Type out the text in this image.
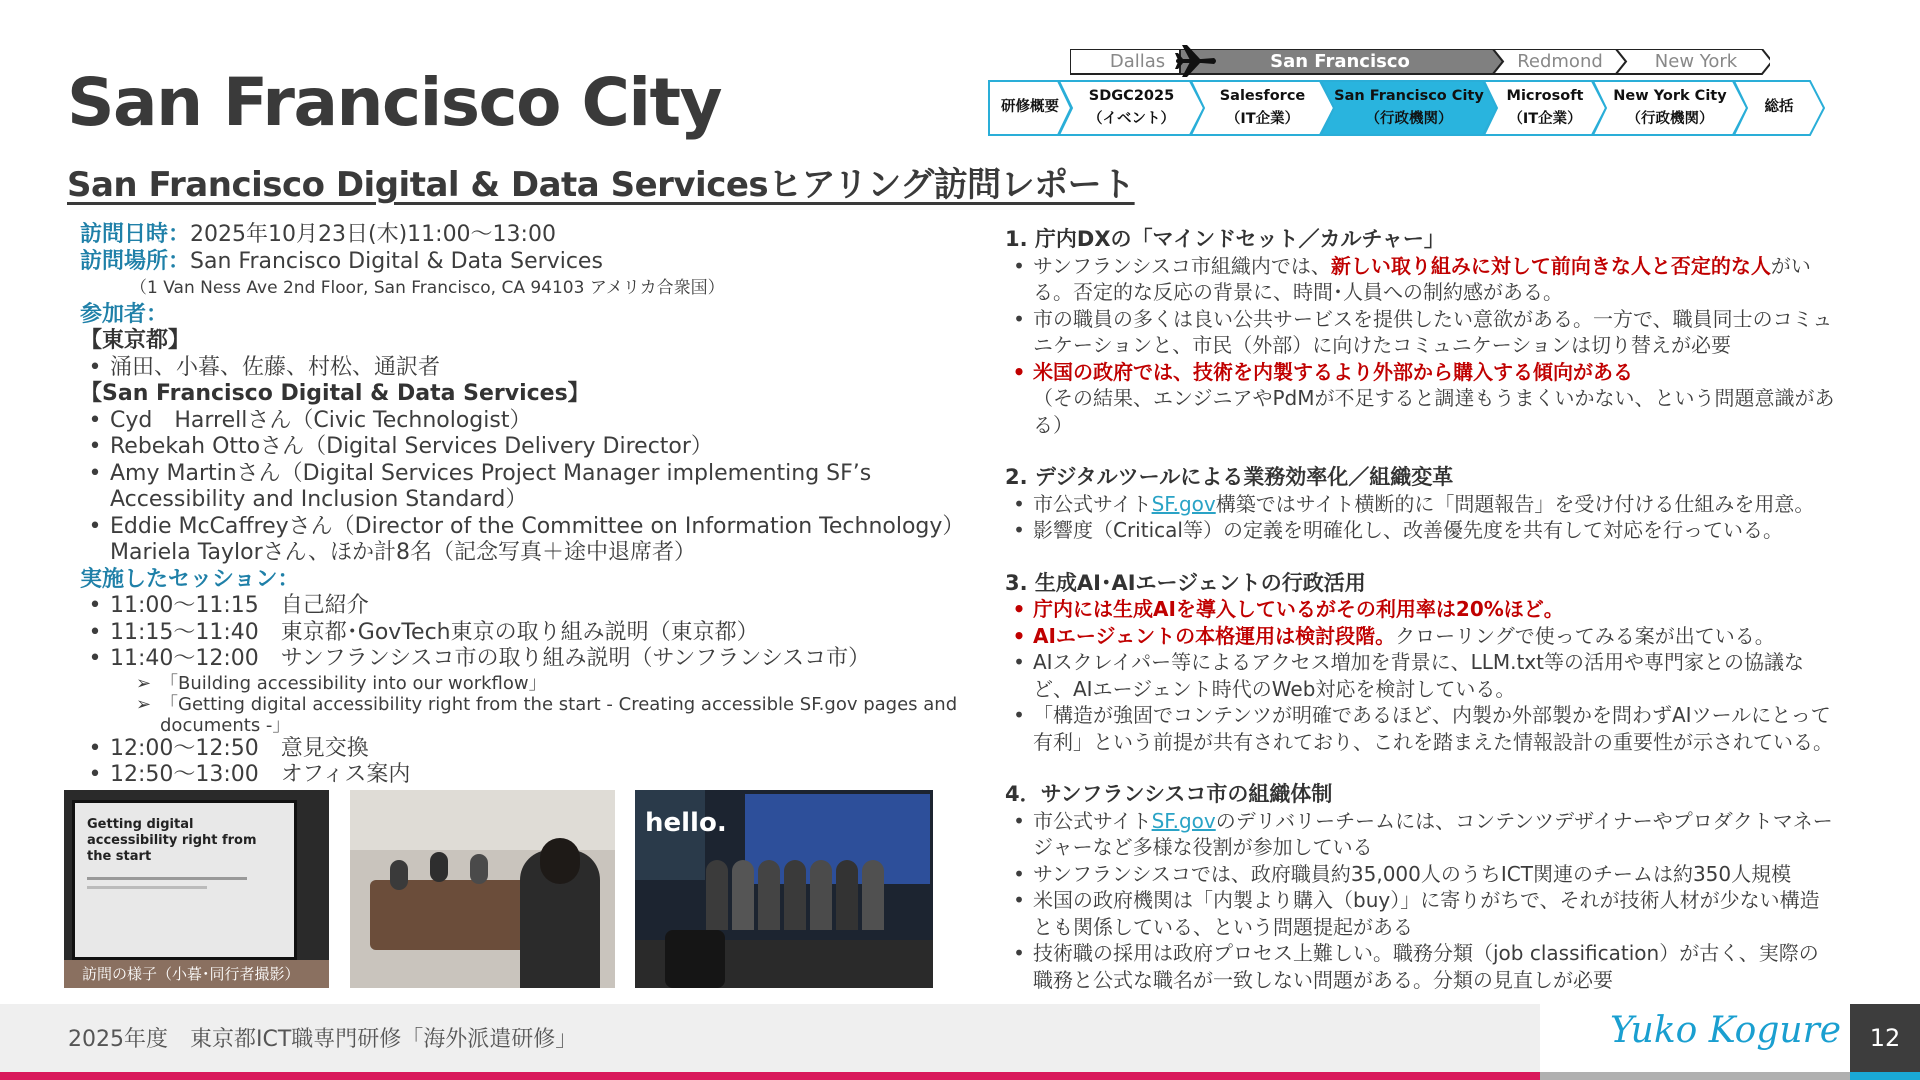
San Francisco City
San Francisco Digital & Data Servicesヒアリング訪問レポート
Dallas	San Francisco	Redmond	New York
研修概要
SDGC2025
（イベント）
Salesforce
（IT企業）
San Francisco City
（行政機関）
Microsoft
（IT企業）
New York City
（行政機関）
総括
訪問日時：2025年10月23日(木)11:00～13:00
訪問場所：San Francisco Digital & Data Services
（1 Van Ness Ave 2nd Floor, San Francisco, CA 94103 アメリカ合衆国）
参加者：
【東京都】
• 涌田、小暮、佐藤、村松、通訳者
【San Francisco Digital & Data Services】
• Cyd　Harrellさん（Civic Technologist）
• Rebekah Ottoさん（Digital Services Delivery Director）
• Amy Martinさん（Digital Services Project Manager implementing SF’s Accessibility and Inclusion Standard）
• Eddie McCaffreyさん（Director of the Committee on Information Technology）Mariela Taylorさん、ほか計8名（記念写真＋途中退席者）
実施したセッション：
• 11:00～11:15　自己紹介
• 11:15～11:40　東京都･GovTech東京の取り組み説明（東京都）
• 11:40～12:00　サンフランシスコ市の取り組み説明（サンフランシスコ市）
➢ 「Building accessibility into our workflow」
➢ 「Getting digital accessibility right from the start - Creating accessible SF.gov pages and documents -」
• 12:00～12:50　意見交換
• 12:50～13:00　オフィス案内
Getting digital accessibility right from the start
hello.
訪問の様子（小暮･同行者撮影）
1. 庁内DXの「マインドセット／カルチャー」
• サンフランシスコ市組織内では、新しい取り組みに対して前向きな人と否定的な人がいる。否定的な反応の背景に、時間･人員への制約感がある。
• 市の職員の多くは良い公共サービスを提供したい意欲がある。一方で、職員同士のコミュニケーションと、市民（外部）に向けたコミュニケーションは切り替えが必要
• 米国の政府では、技術を内製するより外部から購入する傾向がある
（その結果、エンジニアやPdMが不足すると調達もうまくいかない、という問題意識がある）
2. デジタルツールによる業務効率化／組織変革
• 市公式サイトSF.gov構築ではサイト横断的に「問題報告」を受け付ける仕組みを用意。
• 影響度（Critical等）の定義を明確化し、改善優先度を共有して対応を行っている。
3. 生成AI･AIエージェントの行政活用
• 庁内には生成AIを導入しているがその利用率は20%ほど。
• AIエージェントの本格運用は検討段階。クローリングで使ってみる案が出ている。
• AIスクレイパー等によるアクセス増加を背景に、LLM.txt等の活用や専門家との協議など、AIエージェント時代のWeb対応を検討している。
• 「構造が強固でコンテンツが明確であるほど、内製か外部製かを問わずAIツールにとって有利」という前提が共有されており、これを踏まえた情報設計の重要性が示されている。
4．サンフランシスコ市の組織体制
• 市公式サイトSF.govのデリバリーチームには、コンテンツデザイナーやプロダクトマネージャーなど多様な役割が参加している
• サンフランシスコでは、政府職員約35,000人のうちICT関連のチームは約350人規模
• 米国の政府機関は「内製より購入（buy）」に寄りがちで、それが技術人材が少ない構造とも関係している、という問題提起がある
• 技術職の採用は政府プロセス上難しい。職務分類（job classification）が古く、実際の職務と公式な職名が一致しない問題がある。分類の見直しが必要
2025年度　東京都ICT職専門研修「海外派遣研修」	Yuko Kogure	12
